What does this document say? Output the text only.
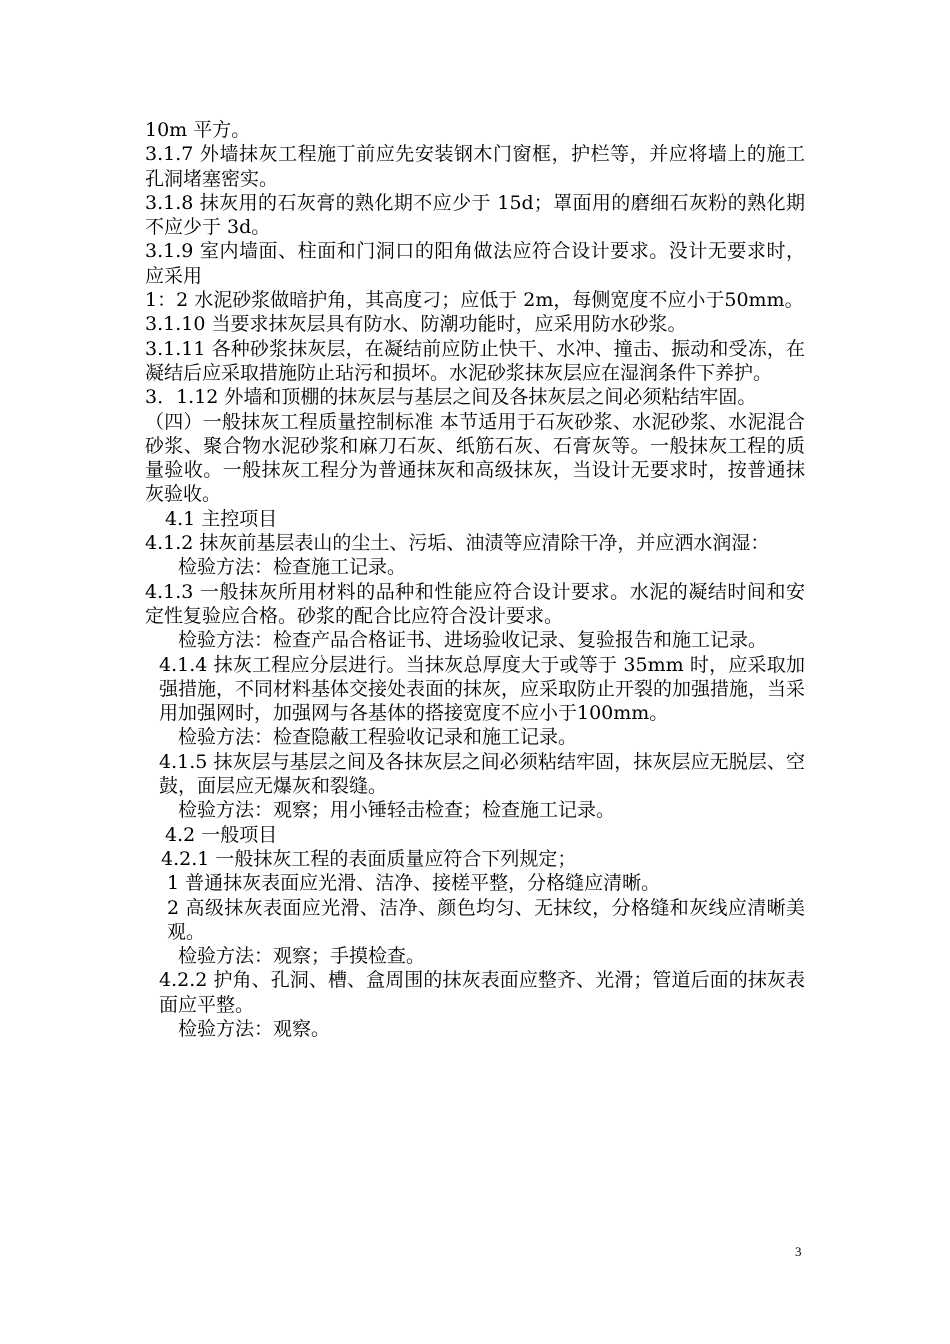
10m 平方。

3.1.7 外墙抹灰工程施丁前应先安装钢木门窗框，护栏等，并应将墙上的施工孔洞堵塞密实。

3.1.8 抹灰用的石灰膏的熟化期不应少于 15d；罩面用的磨细石灰粉的熟化期不应少于 3d。

3.1.9 室内墙面、柱面和门洞口的阳角做法应符合设计要求。没计无要求时，应采用

1：2 水泥砂浆做暗护角，其高度刁；应低于 2m，每侧宽度不应小于50mm。

3.1.10 当要求抹灰层具有防水、防潮功能时，应采用防水砂浆。

3.1.11 各种砂浆抹灰层，在凝结前应防止快干、水冲、撞击、振动和受冻，在凝结后应采取措施防止玷污和损坏。水泥砂浆抹灰层应在湿润条件下养护。

3．1.12 外墙和顶棚的抹灰层与基层之间及各抹灰层之间必须粘结牢固。

（四）一般抹灰工程质量控制标准 本节适用于石灰砂浆、水泥砂浆、水泥混合砂浆、聚合物水泥砂浆和麻刀石灰、纸筋石灰、石膏灰等。一般抹灰工程的质量验收。一般抹灰工程分为普通抹灰和高级抹灰，当设计无要求时，按普通抹灰验收。

4.1 主控项目

4.1.2 抹灰前基层表山的尘土、污垢、油渍等应清除干净，并应洒水润湿：

检验方法：检查施工记录。

4.1.3 一般抹灰所用材料的品种和性能应符合设计要求。水泥的凝结时间和安定性复验应合格。砂浆的配合比应符合没计要求。

检验方法：检查产品合格证书、进场验收记录、复验报告和施工记录。

4.1.4 抹灰工程应分层进行。当抹灰总厚度大于或等于 35mm 时，应采取加强措施，不同材料基体交接处表面的抹灰，应采取防止开裂的加强措施，当采用加强网时，加强网与各基体的搭接宽度不应小于100mm。

检验方法：检查隐蔽工程验收记录和施工记录。

4.1.5 抹灰层与基层之间及各抹灰层之间必须粘结牢固，抹灰层应无脱层、空鼓，面层应无爆灰和裂缝。

检验方法：观察；用小锤轻击检查；检查施工记录。

4.2 一般项目

4.2.1 一般抹灰工程的表面质量应符合下列规定；

1 普通抹灰表面应光滑、洁净、接槎平整，分格缝应清晰。

2 高级抹灰表面应光滑、洁净、颜色均匀、无抹纹，分格缝和灰线应清晰美观。

检验方法：观察；手摸检查。

4.2.2 护角、孔洞、槽、盒周围的抹灰表面应整齐、光滑；管道后面的抹灰表面应平整。

检验方法：观察。

3
